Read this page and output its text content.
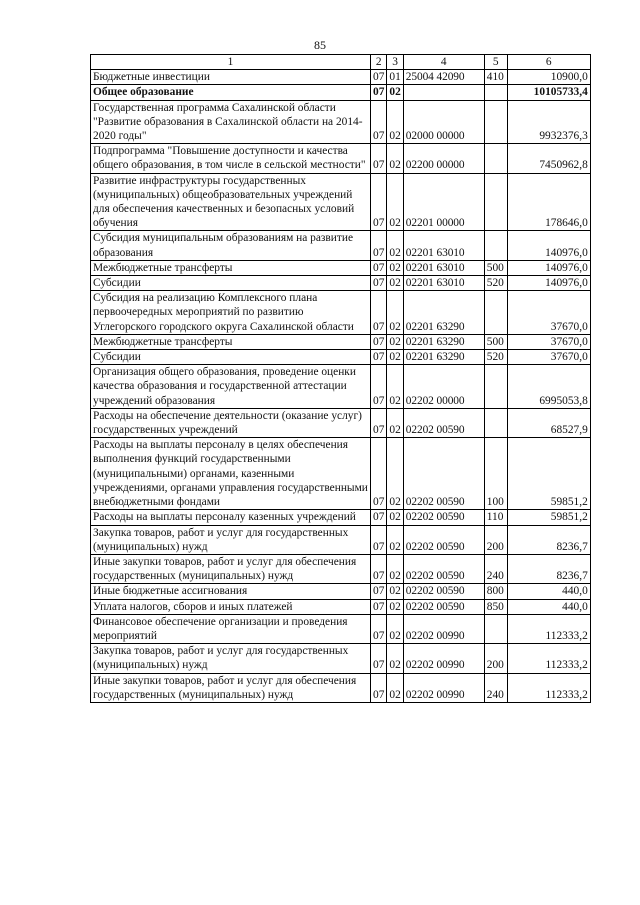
85
1	2	3	4	5	6
Бюджетные инвестиции	07	01	25004 42090	410	10900,0
Общее образование	07	02			10105733,4
Государственная программа Сахалинской области "Развитие образования в Сахалинской области на 2014-2020 годы"	07	02	02000 00000		9932376,3
Подпрограмма "Повышение доступности и качества общего образования, в том числе в сельской местности"	07	02	02200 00000		7450962,8
Развитие инфраструктуры государственных (муниципальных) общеобразовательных учреждений для обеспечения качественных и безопасных условий обучения	07	02	02201 00000		178646,0
Субсидия муниципальным образованиям на развитие образования	07	02	02201 63010		140976,0
Межбюджетные трансферты	07	02	02201 63010	500	140976,0
Субсидии	07	02	02201 63010	520	140976,0
Субсидия на реализацию Комплексного плана первоочередных мероприятий по развитию Углегорского городского округа Сахалинской области	07	02	02201 63290		37670,0
Межбюджетные трансферты	07	02	02201 63290	500	37670,0
Субсидии	07	02	02201 63290	520	37670,0
Организация общего образования, проведение оценки качества образования и государственной аттестации учреждений образования	07	02	02202 00000		6995053,8
Расходы на обеспечение деятельности (оказание услуг) государственных учреждений	07	02	02202 00590		68527,9
Расходы на выплаты персоналу в целях обеспечения выполнения функций государственными (муниципальными) органами, казенными учреждениями, органами управления государственными внебюджетными фондами	07	02	02202 00590	100	59851,2
Расходы на выплаты персоналу казенных учреждений	07	02	02202 00590	110	59851,2
Закупка товаров, работ и услуг для государственных (муниципальных) нужд	07	02	02202 00590	200	8236,7
Иные закупки товаров, работ и услуг для обеспечения государственных (муниципальных) нужд	07	02	02202 00590	240	8236,7
Иные бюджетные ассигнования	07	02	02202 00590	800	440,0
Уплата налогов, сборов и иных платежей	07	02	02202 00590	850	440,0
Финансовое обеспечение организации и проведения мероприятий	07	02	02202 00990		112333,2
Закупка товаров, работ и услуг для государственных (муниципальных) нужд	07	02	02202 00990	200	112333,2
Иные закупки товаров, работ и услуг для обеспечения государственных (муниципальных) нужд	07	02	02202 00990	240	112333,2
